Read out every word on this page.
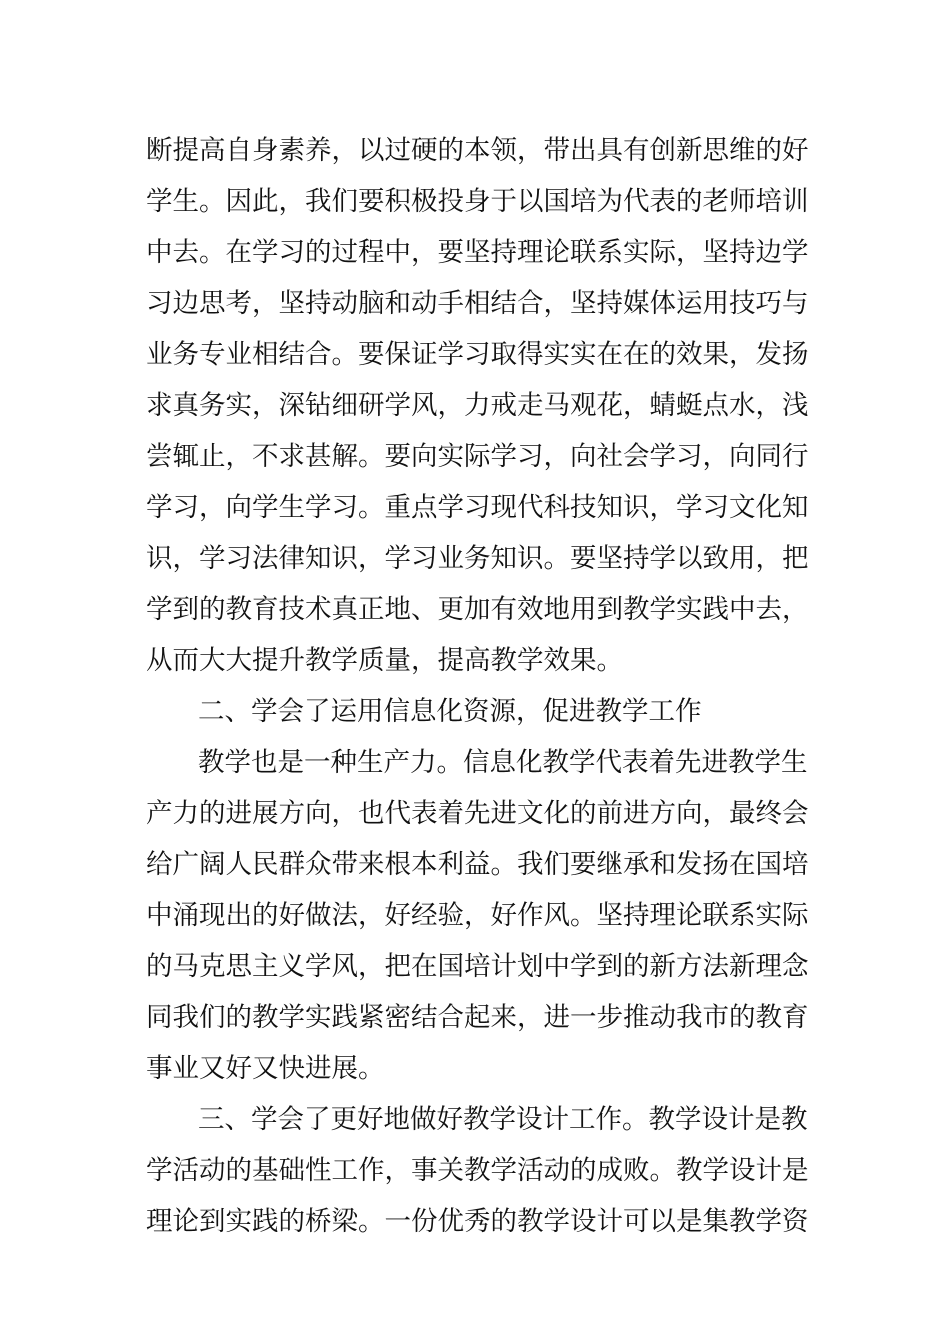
断提高自身素养，以过硬的本领，带出具有创新思维的好
学生。因此，我们要积极投身于以国培为代表的老师培训
中去。在学习的过程中，要坚持理论联系实际，坚持边学
习边思考，坚持动脑和动手相结合，坚持媒体运用技巧与
业务专业相结合。要保证学习取得实实在在的效果，发扬
求真务实，深钻细研学风，力戒走马观花，蜻蜓点水，浅
尝辄止，不求甚解。要向实际学习，向社会学习，向同行
学习，向学生学习。重点学习现代科技知识，学习文化知
识，学习法律知识，学习业务知识。要坚持学以致用，把
学到的教育技术真正地、更加有效地用到教学实践中去，
从而大大提升教学质量，提高教学效果。
二、学会了运用信息化资源，促进教学工作
教学也是一种生产力。信息化教学代表着先进教学生
产力的进展方向，也代表着先进文化的前进方向，最终会
给广阔人民群众带来根本利益。我们要继承和发扬在国培
中涌现出的好做法，好经验，好作风。坚持理论联系实际
的马克思主义学风，把在国培计划中学到的新方法新理念
同我们的教学实践紧密结合起来，进一步推动我市的教育
事业又好又快进展。
三、学会了更好地做好教学设计工作。教学设计是教
学活动的基础性工作，事关教学活动的成败。教学设计是
理论到实践的桥梁。一份优秀的教学设计可以是集教学资
